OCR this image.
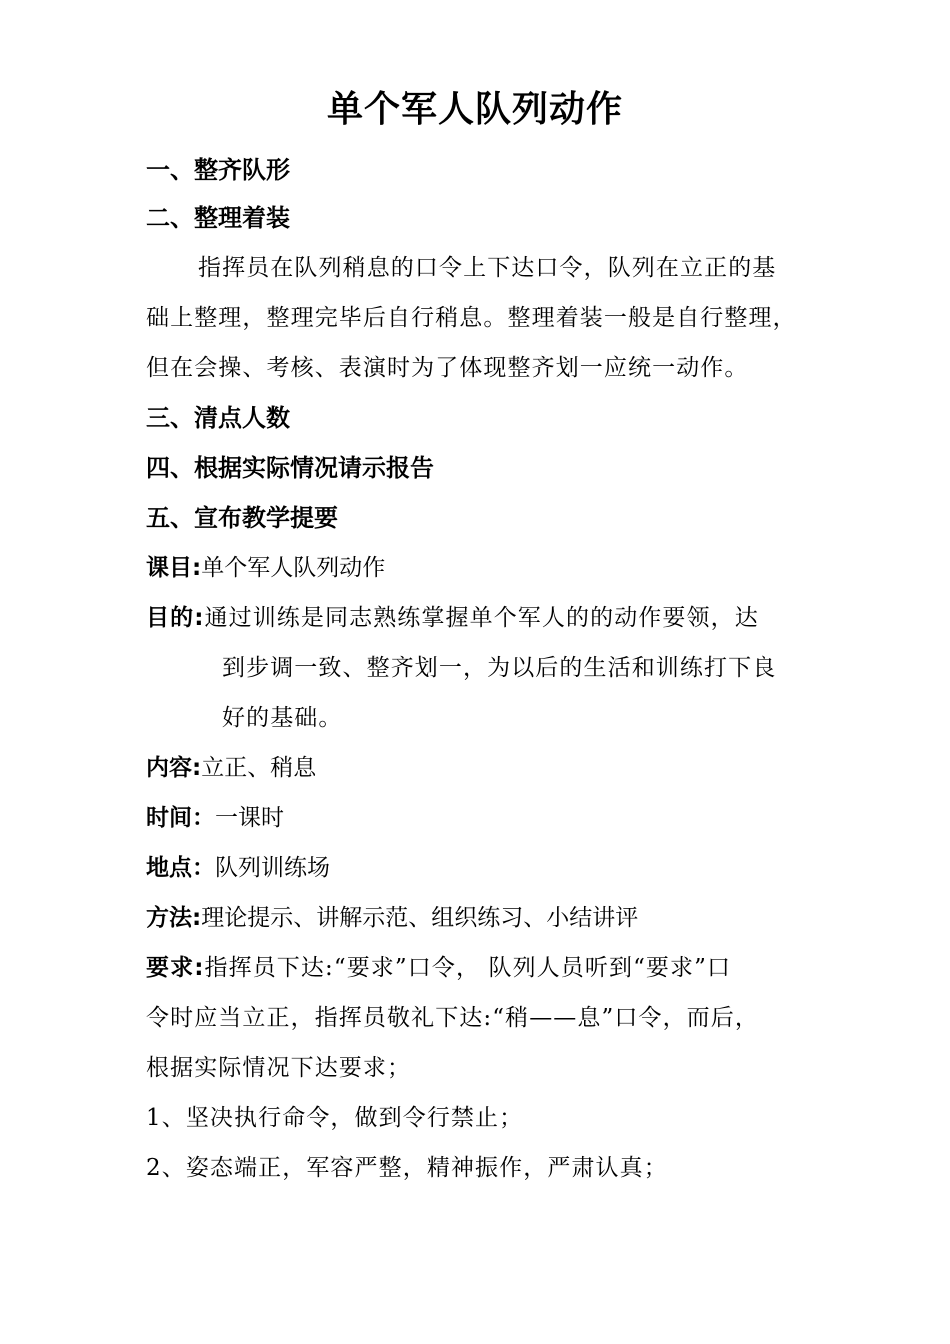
单个军人队列动作
一、整齐队形
二、整理着装
指挥员在队列稍息的口令上下达口令，队列在立正的基
础上整理，整理完毕后自行稍息。整理着装一般是自行整理，
但在会操、考核、表演时为了体现整齐划一应统一动作。
三、清点人数
四、根据实际情况请示报告
五、宣布教学提要
课目:单个军人队列动作
目的:通过训练是同志熟练掌握单个军人的的动作要领，达
到步调一致、整齐划一，为以后的生活和训练打下良
好的基础。
内容:立正、稍息
时间：一课时
地点：队列训练场
方法:理论提示、讲解示范、组织练习、小结讲评
要求:指挥员下达:“要求”口令， 队列人员听到“要求”口
令时应当立正，指挥员敬礼下达:“稍——息”口令，而后，
根据实际情况下达要求；
1、坚决执行命令，做到令行禁止；
2、姿态端正，军容严整，精神振作，严肃认真；
